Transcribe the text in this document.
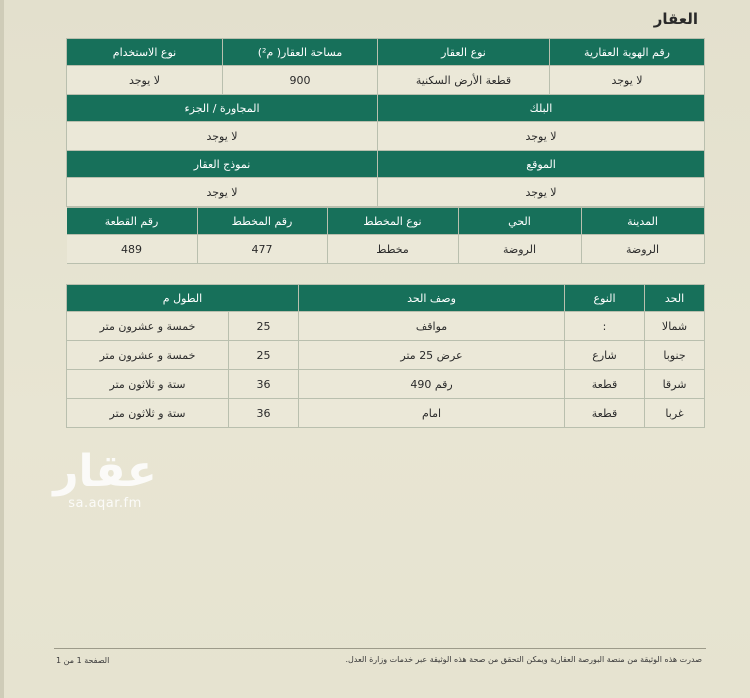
العقار
رقم الهوية العقارية	نوع العقار	مساحة العقار( م²)	نوع الاستخدام
لا يوجد	قطعة الأرض السكنية	900	لا يوجد
البلك	المجاورة / الجزء
لا يوجد	لا يوجد
الموقع	نموذج العقار
لا يوجد	لا يوجد

المدينة	الحي	نوع المخطط	رقم المخطط	رقم القطعة
الروضة	الروضة	مخطط	477	489
الحد	النوع	وصف الحد	الطول م	
شمالا	:	مواقف	25	خمسة و عشرون متر
جنوبا	شارع	عرض 25 متر	25	خمسة و عشرون متر
شرقا	قطعة	رقم 490	36	ستة و ثلاثون متر
غربا	قطعة	امام	36	ستة و ثلاثون متر
عقار
sa.aqar.fm
صدرت هذه الوثيقة من منصة البورصة العقارية ويمكن التحقق من صحة هذه الوثيقة عبر خدمات وزارة العدل.
الصفحة 1 من 1
